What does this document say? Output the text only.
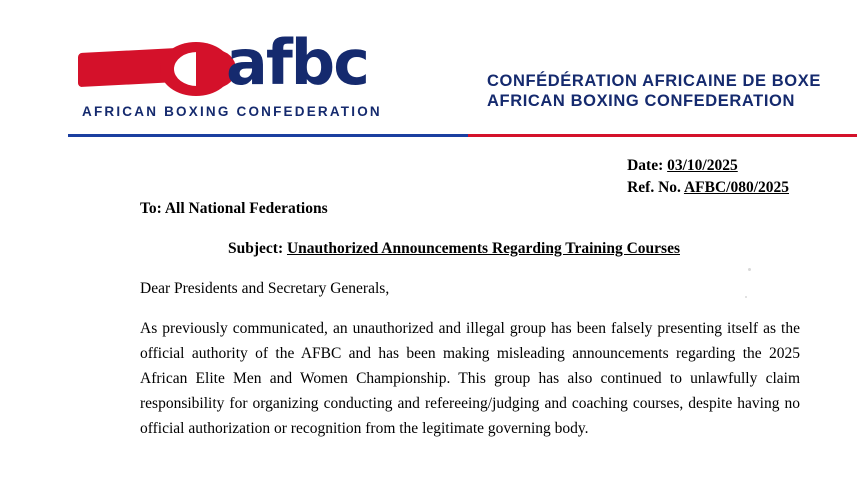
afbc
AFRICAN BOXING CONFEDERATION
CONFÉDÉRATION AFRICAINE DE BOXE
AFRICAN BOXING CONFEDERATION
Date: 03/10/2025
Ref. No. AFBC/080/2025
To: All National Federations
Subject: Unauthorized Announcements Regarding Training Courses
Dear Presidents and Secretary Generals,
As previously communicated, an unauthorized and illegal group has been falsely presenting itself as the official authority of the AFBC and has been making misleading announcements regarding the 2025 African Elite Men and Women Championship. This group has also continued to unlawfully claim responsibility for organizing conducting and refereeing/judging and coaching courses, despite having no official authorization or recognition from the legitimate governing body.
